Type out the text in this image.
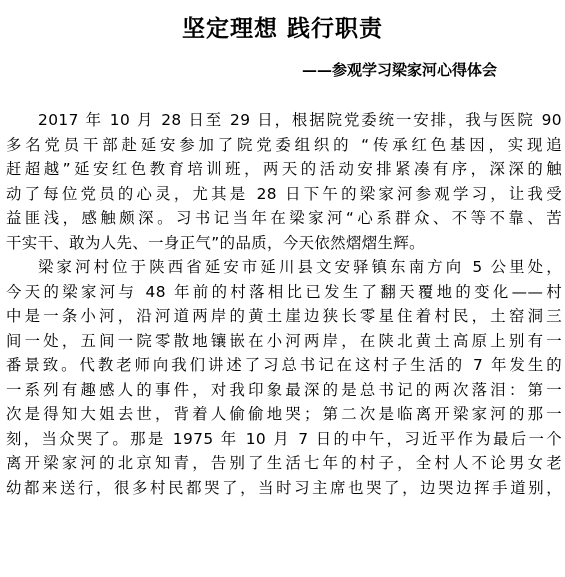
坚定理想 践行职责
——参观学习梁家河心得体会
2017 年 10 月 28 日至 29 日，根据院党委统一安排，我与医院 90
多名党员干部赴延安参加了院党委组织的 “传承红色基因，实现追
赶超越”延安红色教育培训班，两天的活动安排紧凑有序，深深的触
动了每位党员的心灵，尤其是 28 日下午的梁家河参观学习，让我受
益匪浅，感触颇深。习书记当年在梁家河“心系群众、不等不靠、苦
干实干、敢为人先、一身正气”的品质，今天依然熠熠生辉。
梁家河村位于陕西省延安市延川县文安驿镇东南方向 5 公里处，
今天的梁家河与 48 年前的村落相比已发生了翻天覆地的变化——村
中是一条小河，沿河道两岸的黄土崖边狭长零星住着村民，土窑洞三
间一处，五间一院零散地镶嵌在小河两岸，在陕北黄土高原上别有一
番景致。代教老师向我们讲述了习总书记在这村子生活的 7 年发生的
一系列有趣感人的事件，对我印象最深的是总书记的两次落泪：第一
次是得知大姐去世，背着人偷偷地哭；第二次是临离开梁家河的那一
刻，当众哭了。那是 1975 年 10 月 7 日的中午，习近平作为最后一个
离开梁家河的北京知青，告别了生活七年的村子，全村人不论男女老
幼都来送行，很多村民都哭了，当时习主席也哭了，边哭边挥手道别，
